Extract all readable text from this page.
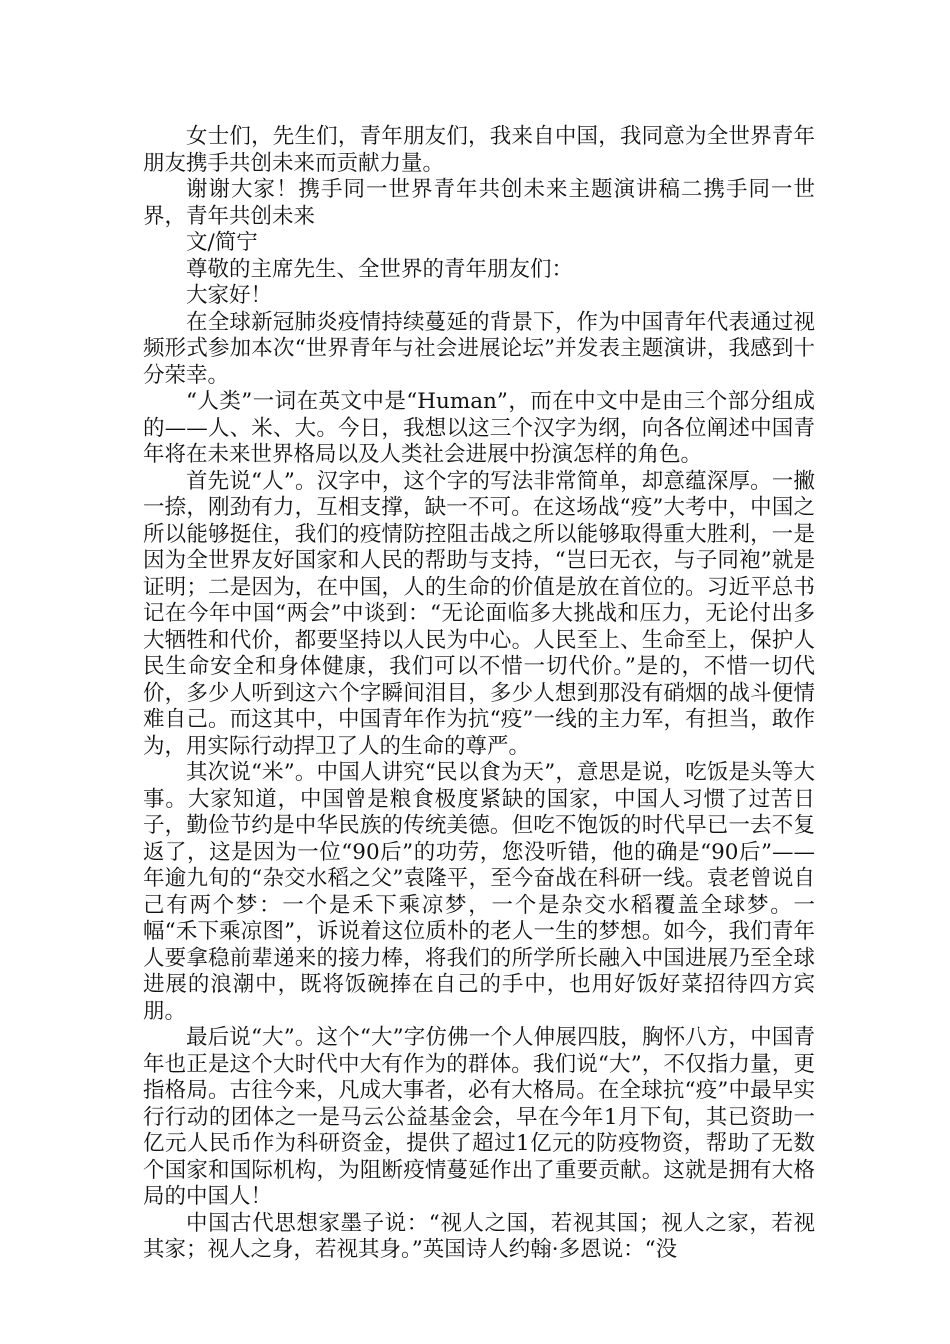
女士们，先生们，青年朋友们，我来自中国，我同意为全世界青年朋友携手共创未来而贡献力量。

谢谢大家！携手同一世界青年共创未来主题演讲稿二携手同一世界，青年共创未来

文/简宁

尊敬的主席先生、全世界的青年朋友们：

大家好！

在全球新冠肺炎疫情持续蔓延的背景下，作为中国青年代表通过视频形式参加本次“世界青年与社会进展论坛”并发表主题演讲，我感到十分荣幸。

“人类”一词在英文中是“Human”，而在中文中是由三个部分组成的——人、米、大。今日，我想以这三个汉字为纲，向各位阐述中国青年将在未来世界格局以及人类社会进展中扮演怎样的角色。

首先说“人”。汉字中，这个字的写法非常简单，却意蕴深厚。一撇一捺，刚劲有力，互相支撑，缺一不可。在这场战“疫”大考中，中国之所以能够挺住，我们的疫情防控阻击战之所以能够取得重大胜利，一是因为全世界友好国家和人民的帮助与支持，“岂曰无衣，与子同袍”就是证明；二是因为，在中国，人的生命的价值是放在首位的。习近平总书记在今年中国“两会”中谈到：“无论面临多大挑战和压力，无论付出多大牺牲和代价，都要坚持以人民为中心。人民至上、生命至上，保护人民生命安全和身体健康，我们可以不惜一切代价。”是的，不惜一切代价，多少人听到这六个字瞬间泪目，多少人想到那没有硝烟的战斗便情难自己。而这其中，中国青年作为抗“疫”一线的主力军，有担当，敢作为，用实际行动捍卫了人的生命的尊严。

其次说“米”。中国人讲究“民以食为天”，意思是说，吃饭是头等大事。大家知道，中国曾是粮食极度紧缺的国家，中国人习惯了过苦日子，勤俭节约是中华民族的传统美德。但吃不饱饭的时代早已一去不复返了，这是因为一位“90后”的功劳，您没听错，他的确是“90后”——年逾九旬的“杂交水稻之父”袁隆平，至今奋战在科研一线。袁老曾说自己有两个梦：一个是禾下乘凉梦，一个是杂交水稻覆盖全球梦。一幅“禾下乘凉图”，诉说着这位质朴的老人一生的梦想。如今，我们青年人要拿稳前辈递来的接力棒，将我们的所学所长融入中国进展乃至全球进展的浪潮中，既将饭碗捧在自己的手中，也用好饭好菜招待四方宾朋。

最后说“大”。这个“大”字仿佛一个人伸展四肢，胸怀八方，中国青年也正是这个大时代中大有作为的群体。我们说“大”，不仅指力量，更指格局。古往今来，凡成大事者，必有大格局。在全球抗“疫”中最早实行行动的团体之一是马云公益基金会，早在今年1月下旬，其已资助一亿元人民币作为科研资金，提供了超过1亿元的防疫物资，帮助了无数个国家和国际机构，为阻断疫情蔓延作出了重要贡献。这就是拥有大格局的中国人！

中国古代思想家墨子说：“视人之国，若视其国；视人之家，若视其家；视人之身，若视其身。”英国诗人约翰·多恩说：“没
